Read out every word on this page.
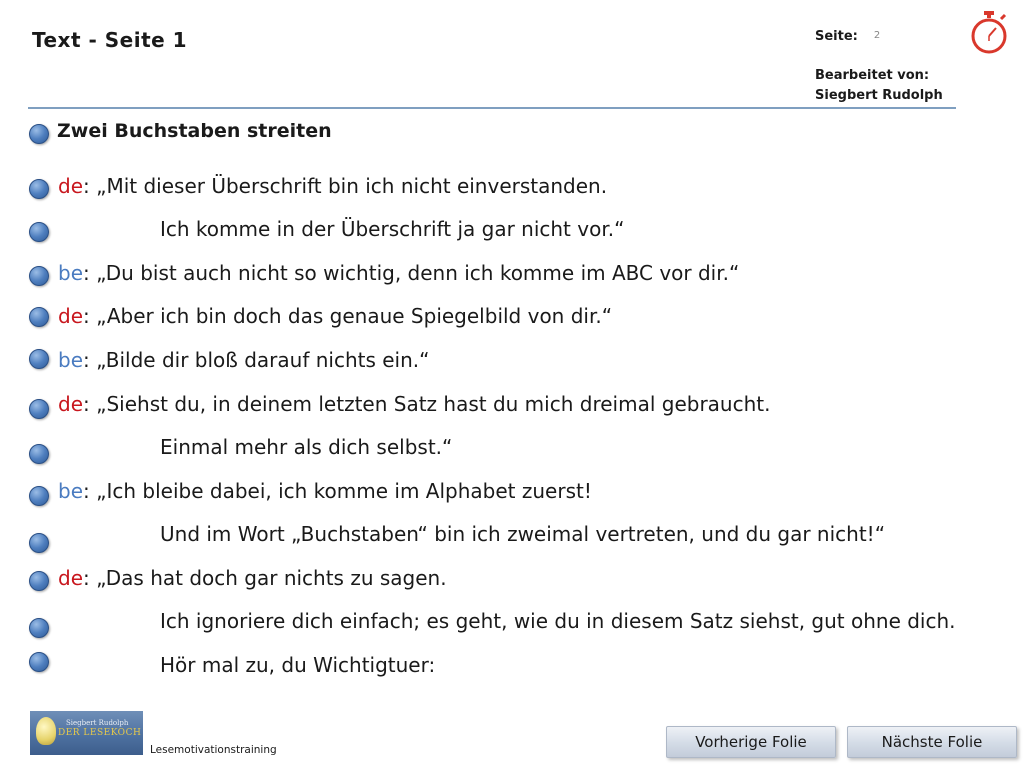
Text - Seite 1	Seite: 2
Bearbeitet von:
Siegbert Rudolph
Zwei Buchstaben streiten
de: „Mit dieser Überschrift bin ich nicht einverstanden.
Ich komme in der Überschrift ja gar nicht vor.“
be: „Du bist auch nicht so wichtig, denn ich komme im ABC vor dir.“
de: „Aber ich bin doch das genaue Spiegelbild von dir.“
be: „Bilde dir bloß darauf nichts ein.“
de: „Siehst du, in deinem letzten Satz hast du mich dreimal gebraucht.
Einmal mehr als dich selbst.“
be: „Ich bleibe dabei, ich komme im Alphabet zuerst!
Und im Wort „Buchstaben“ bin ich zweimal vertreten, und du gar nicht!“
de: „Das hat doch gar nichts zu sagen.
Ich ignoriere dich einfach; es geht, wie du in diesem Satz siehst, gut ohne dich.
Hör mal zu, du Wichtigtuer:
Siegbert Rudolph
DER LESEKOCH
Lesemotivationstraining	Vorherige Folie	Nächste Folie
